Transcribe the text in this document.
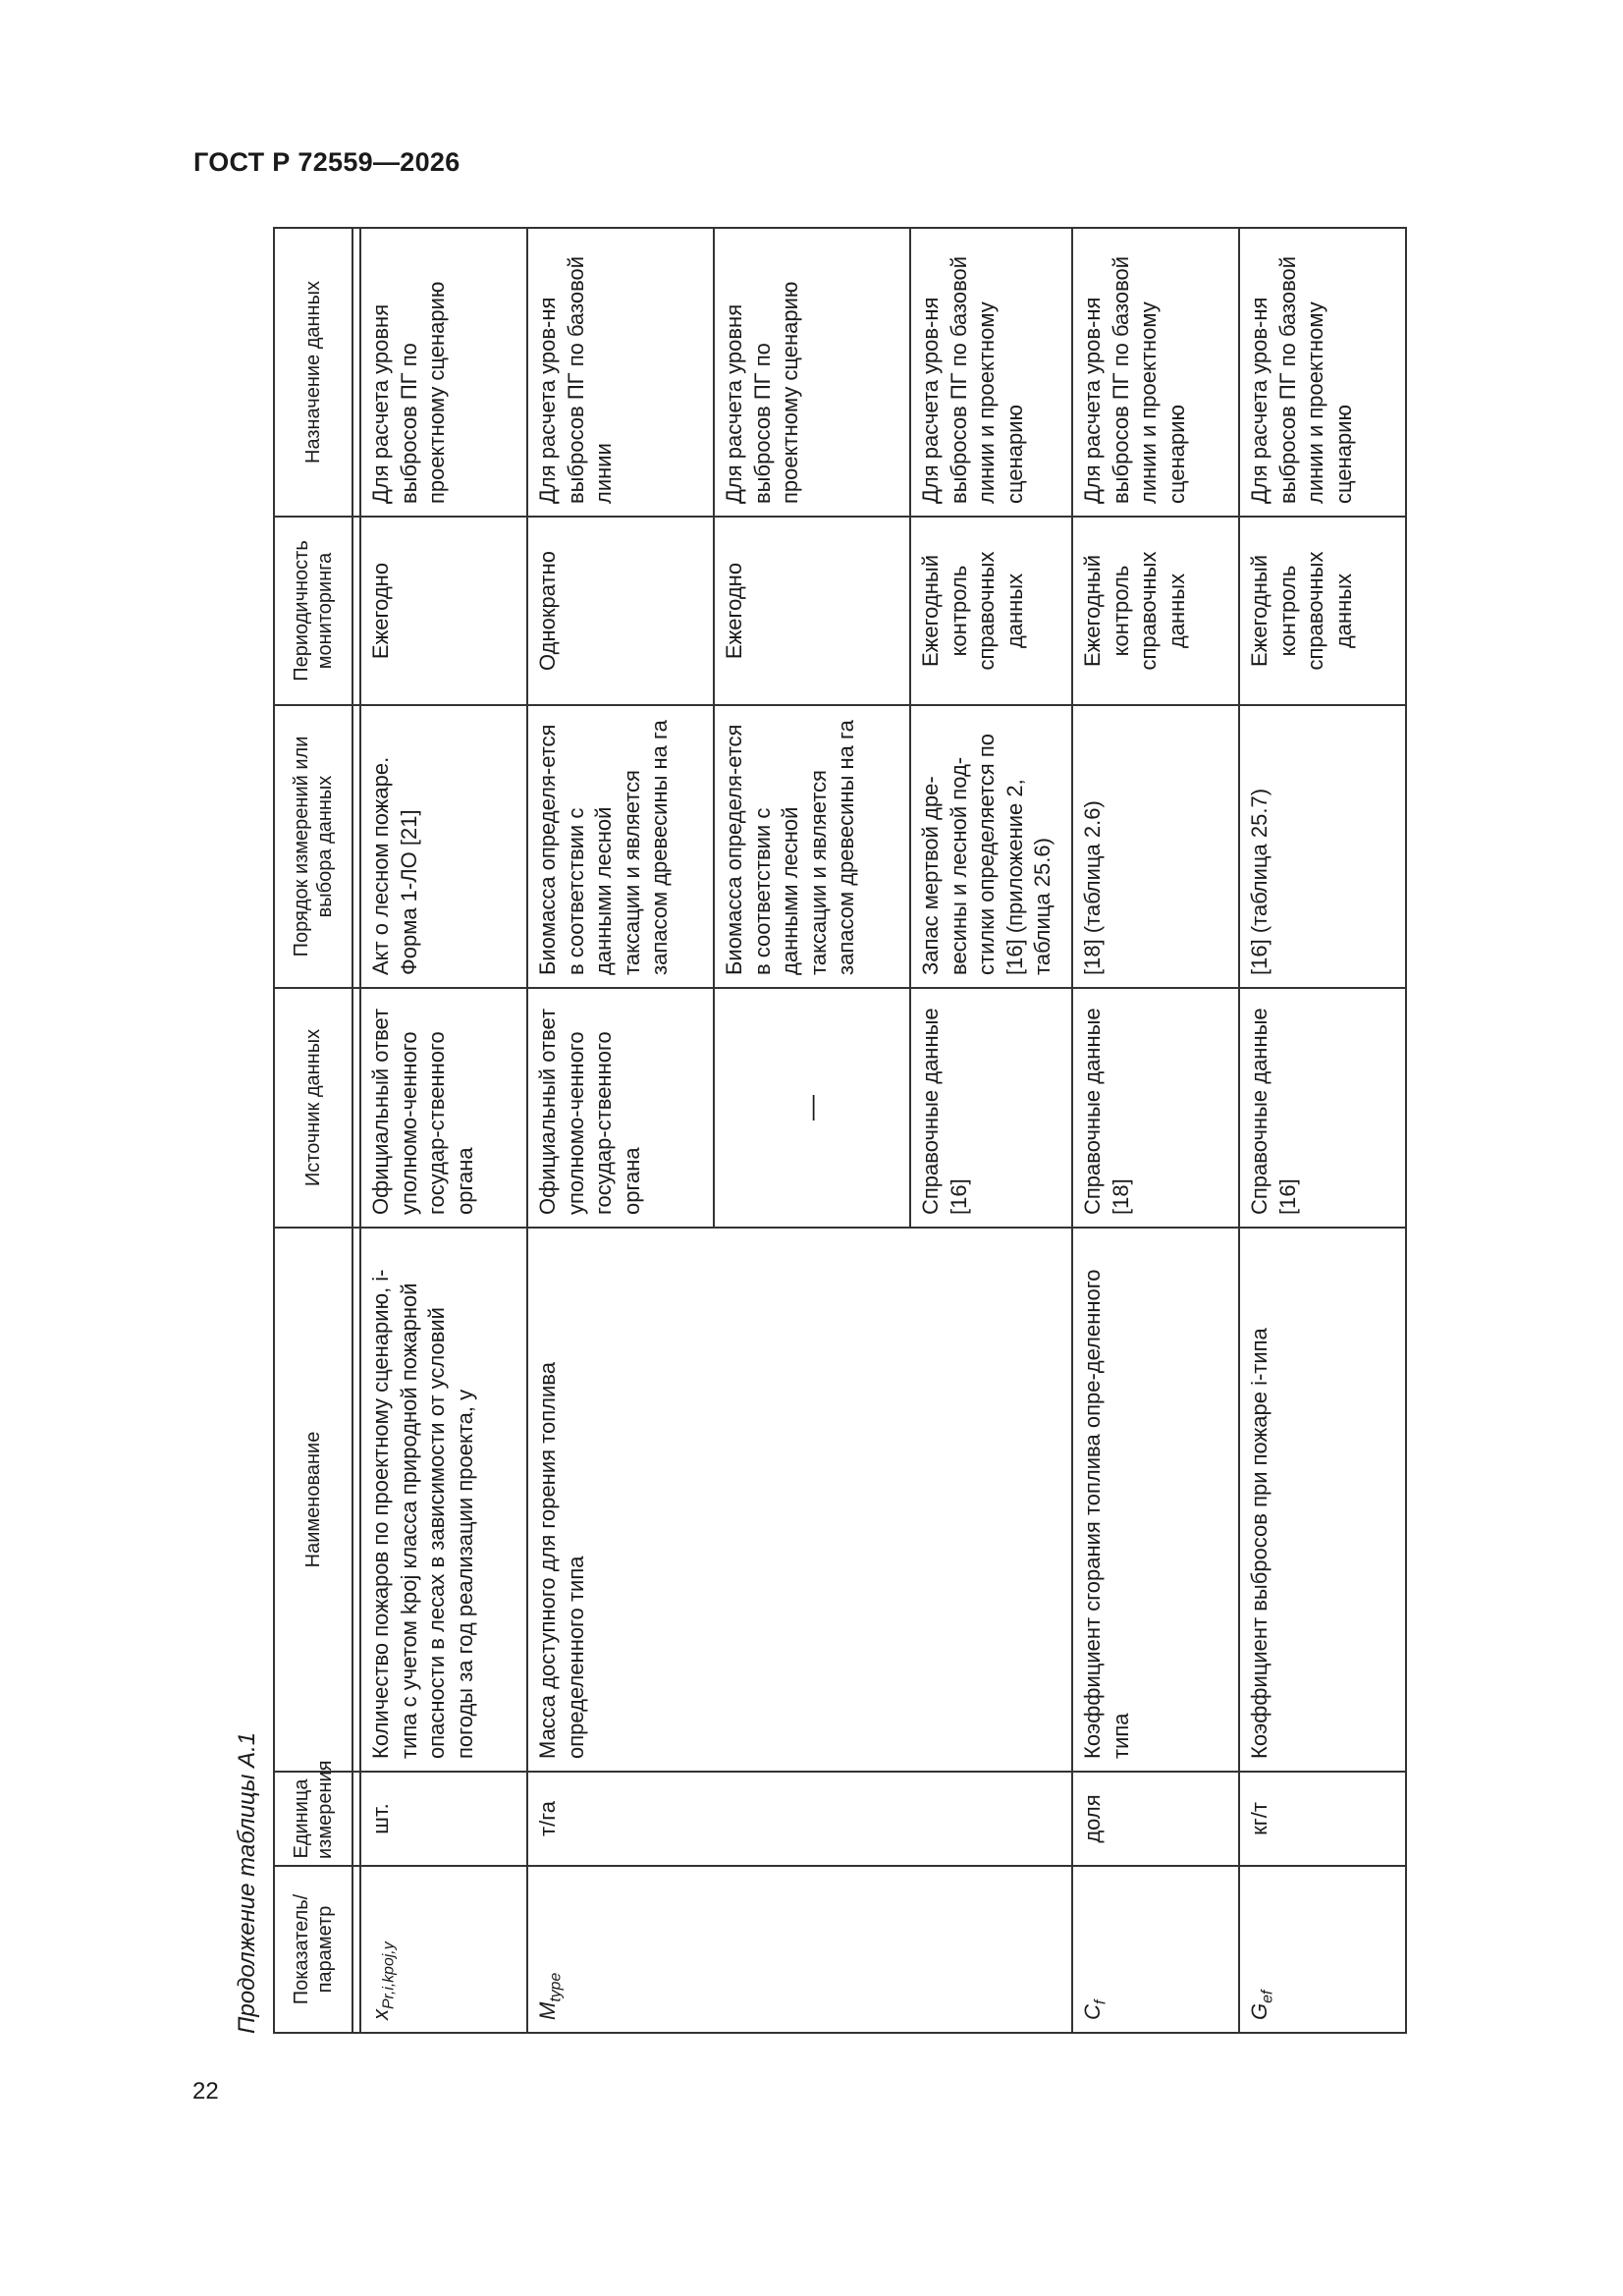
ГОСТ Р 72559—2026
22
Продолжение таблицы А.1	Показатель/ параметр	Единица измерения	Наименование	Источник данных	Порядок измерений или выбора данных	Периодичность мониторинга	Назначение данных

$x_{Pr,i,kpoj,y}$	шт.	Количество пожаров по проектному сценарию, i-типа с учетом kpoj класса природной пожарной опасности в лесах в зависимости от условий погоды за год реализации проекта, y	Официальный ответ уполномо-ченного государ-ственного органа	Акт о лесном пожаре. Форма 1-ЛО [21]	Ежегодно	Для расчета уровня выбросов ПГ по проектному сценарию
$M_{type}$	т/га	Масса доступного для горения топлива определенного типа	Официальный ответ уполномо-ченного государ-ственного органа	Биомасса определя-ется в соответствии с данными лесной таксации и является запасом древесины на га	Однократно	Для расчета уров-ня выбросов ПГ по базовой линии
			—	Биомасса определя-ется в соответствии с данными лесной таксации и является запасом древесины на га	Ежегодно	Для расчета уровня выбросов ПГ по проектному сценарию
			Справочные данные [16]	Запас мертвой дре-весины и лесной под-стилки определяется по [16] (приложение 2, таблица 25.6)	Ежегодный контроль справочных данных	Для расчета уров-ня выбросов ПГ по базовой линии и проектному сценарию
$C_f$	доля	Коэффициент сгорания топлива опре-деленного типа	Справочные данные [18]	[18] (таблица 2.6)	Ежегодный контроль справочных данных	Для расчета уров-ня выбросов ПГ по базовой линии и проектному сценарию
$G_{ef}$	кг/т	Коэффициент выбросов при пожаре i-типа	Справочные данные [16]	[16] (таблица 25.7)	Ежегодный контроль справочных данных	Для расчета уров-ня выбросов ПГ по базовой линии и проектному сценарию
